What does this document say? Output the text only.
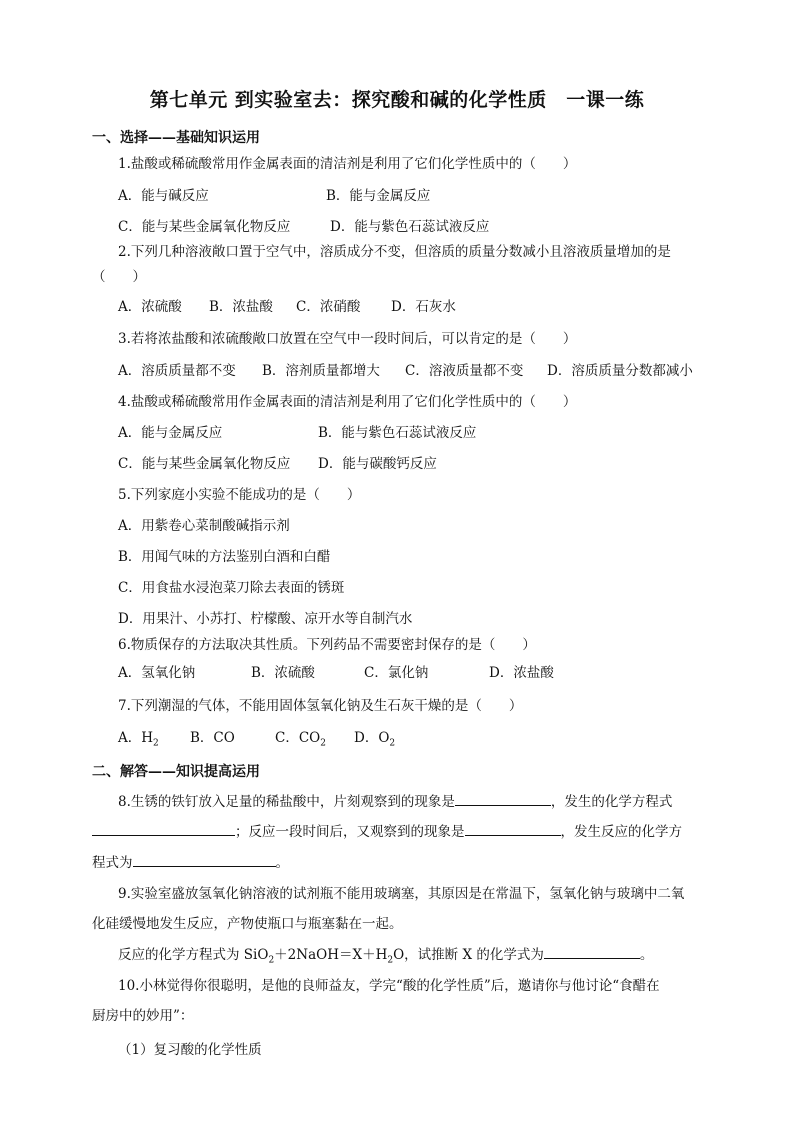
第七单元 到实验室去：探究酸和碱的化学性质　一课一练
一、选择——基础知识运用
1.盐酸或稀硫酸常用作金属表面的清洁剂是利用了它们化学性质中的（　　）
A．能与碱反应	B．能与金属反应
C．能与某些金属氧化物反应	D．能与紫色石蕊试液反应
2.下列几种溶液敞口置于空气中，溶质成分不变，但溶质的质量分数减小且溶液质量增加的是
（　　）
A．浓硫酸 B．浓盐酸 C．浓硝酸 D．石灰水
3.若将浓盐酸和浓硫酸敞口放置在空气中一段时间后，可以肯定的是（　　）
A．溶质质量都不变 B．溶剂质量都增大 C．溶液质量都不变 D．溶质质量分数都减小
4.盐酸或稀硫酸常用作金属表面的清洁剂是利用了它们化学性质中的（　　）
A．能与金属反应	B．能与紫色石蕊试液反应
C．能与某些金属氧化物反应 D．能与碳酸钙反应
5.下列家庭小实验不能成功的是（　　）
A．用紫卷心菜制酸碱指示剂
B．用闻气味的方法鉴别白酒和白醋
C．用食盐水浸泡菜刀除去表面的锈斑
D．用果汁、小苏打、柠檬酸、凉开水等自制汽水
6.物质保存的方法取决其性质。下列药品不需要密封保存的是（　　）
A．氢氧化钠	B．浓硫酸	C．氯化钠	D．浓盐酸
7.下列潮湿的气体，不能用固体氢氧化钠及生石灰干燥的是（　　）
A．$H_2$ B．CO	C．$CO_2$ D．$O_2$
二、解答——知识提高运用
8.生锈的铁钉放入足量的稀盐酸中，片刻观察到的现象是	，发生的化学方程式
；反应一段时间后，又观察到的现象是	，发生反应的化学方
程式为	。
9.实验室盛放氢氧化钠溶液的试剂瓶不能用玻璃塞，其原因是在常温下，氢氧化钠与玻璃中二氧
化硅缓慢地发生反应，产物使瓶口与瓶塞黏在一起。
反应的化学方程式为 $SiO_2+2NaOH=X+H_2O$，试推断 X 的化学式为	。
10.小林觉得你很聪明，是他的良师益友，学完“酸的化学性质”后，邀请你与他讨论“食醋在
厨房中的妙用”：
（1）复习酸的化学性质
